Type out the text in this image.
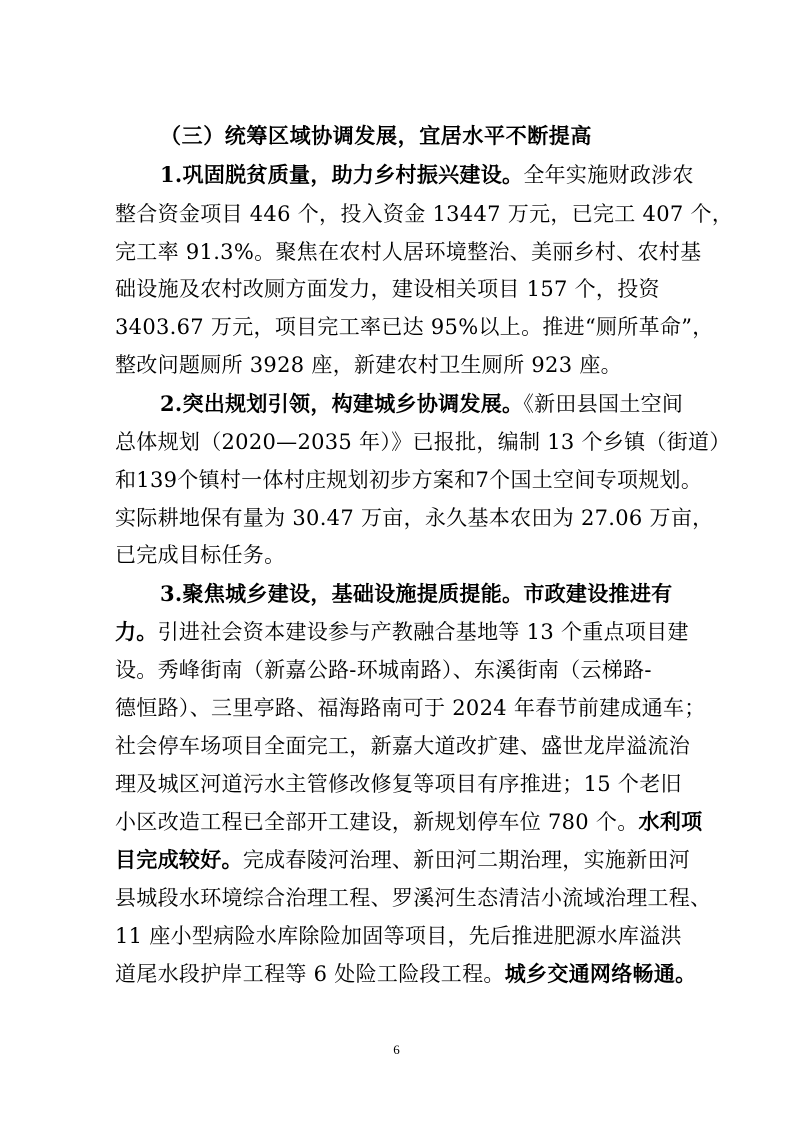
（三）统筹区域协调发展，宜居水平不断提高
1.巩固脱贫质量，助力乡村振兴建设。全年实施财政涉农
整合资金项目 446 个，投入资金 13447 万元，已完工 407 个，
完工率 91.3%。聚焦在农村人居环境整治、美丽乡村、农村基
础设施及农村改厕方面发力，建设相关项目 157 个，投资
3403.67 万元，项目完工率已达 95%以上。推进“厕所革命”，
整改问题厕所 3928 座，新建农村卫生厕所 923 座。
2.突出规划引领，构建城乡协调发展。《新田县国土空间
总体规划（2020—2035 年）》已报批，编制 13 个乡镇（街道）
和139个镇村一体村庄规划初步方案和7个国土空间专项规划。
实际耕地保有量为 30.47 万亩，永久基本农田为 27.06 万亩，
已完成目标任务。
3.聚焦城乡建设，基础设施提质提能。市政建设推进有
力。引进社会资本建设参与产教融合基地等 13 个重点项目建
设。秀峰街南（新嘉公路-环城南路）、东溪街南（云梯路-
德恒路）、三里亭路、福海路南可于 2024 年春节前建成通车；
社会停车场项目全面完工，新嘉大道改扩建、盛世龙岸溢流治
理及城区河道污水主管修改修复等项目有序推进；15 个老旧
小区改造工程已全部开工建设，新规划停车位 780 个。水利项
目完成较好。完成春陵河治理、新田河二期治理，实施新田河
县城段水环境综合治理工程、罗溪河生态清洁小流域治理工程、
11 座小型病险水库除险加固等项目，先后推进肥源水库溢洪
道尾水段护岸工程等 6 处险工险段工程。城乡交通网络畅通。
6
